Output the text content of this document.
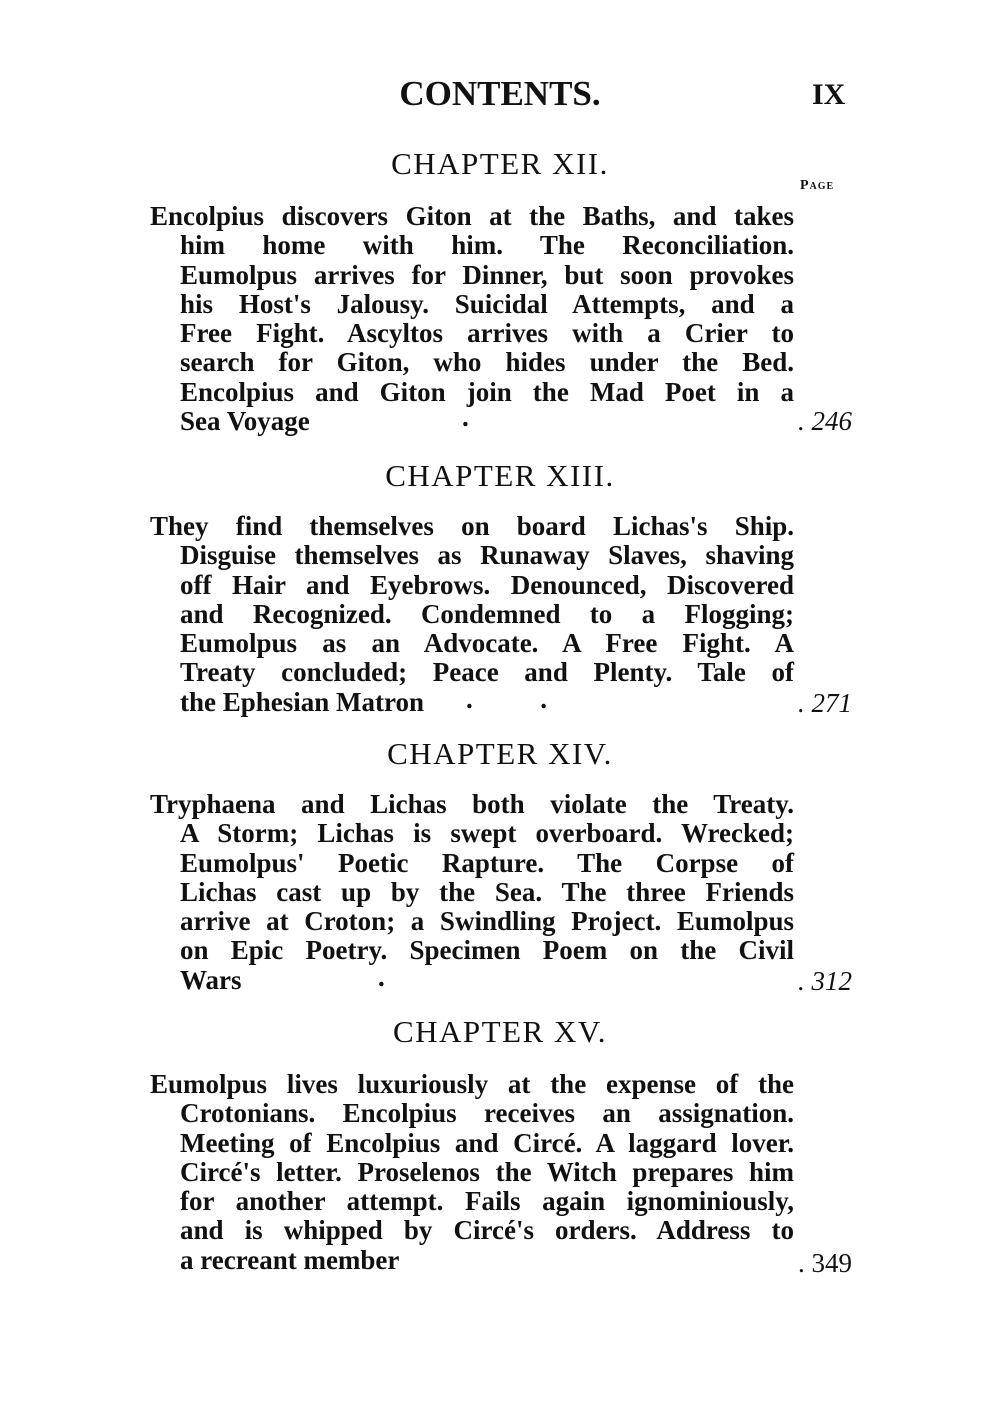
CONTENTS.	IX
CHAPTER XII.
Page
Encolpius discovers Giton at the Baths, and takes
him home with him. The Reconciliation.
Eumolpus arrives for Dinner, but soon provokes
his Host's Jalousy. Suicidal Attempts, and a
Free Fight. Ascyltos arrives with a Crier to
search for Giton, who hides under the Bed.
Encolpius and Giton join the Mad Poet in a
Sea Voyage	.	. 246
CHAPTER XIII.
They find themselves on board Lichas's Ship.
Disguise themselves as Runaway Slaves, shaving
off Hair and Eyebrows. Denounced, Discovered
and Recognized. Condemned to a Flogging;
Eumolpus as an Advocate. A Free Fight. A
Treaty concluded; Peace and Plenty. Tale of
the Ephesian Matron	.          .	. 271
CHAPTER XIV.
Tryphaena and Lichas both violate the Treaty.
A Storm; Lichas is swept overboard. Wrecked;
Eumolpus' Poetic Rapture. The Corpse of
Lichas cast up by the Sea. The three Friends
arrive at Croton; a Swindling Project. Eumolpus
on Epic Poetry. Specimen Poem on the Civil
Wars	.	. 312
CHAPTER XV.
Eumolpus lives luxuriously at the expense of the
Crotonians. Encolpius receives an assignation.
Meeting of Encolpius and Circé. A laggard lover.
Circé's letter. Proselenos the Witch prepares him
for another attempt. Fails again ignominiously,
and is whipped by Circé's orders. Address to
a recreant member	. 349
